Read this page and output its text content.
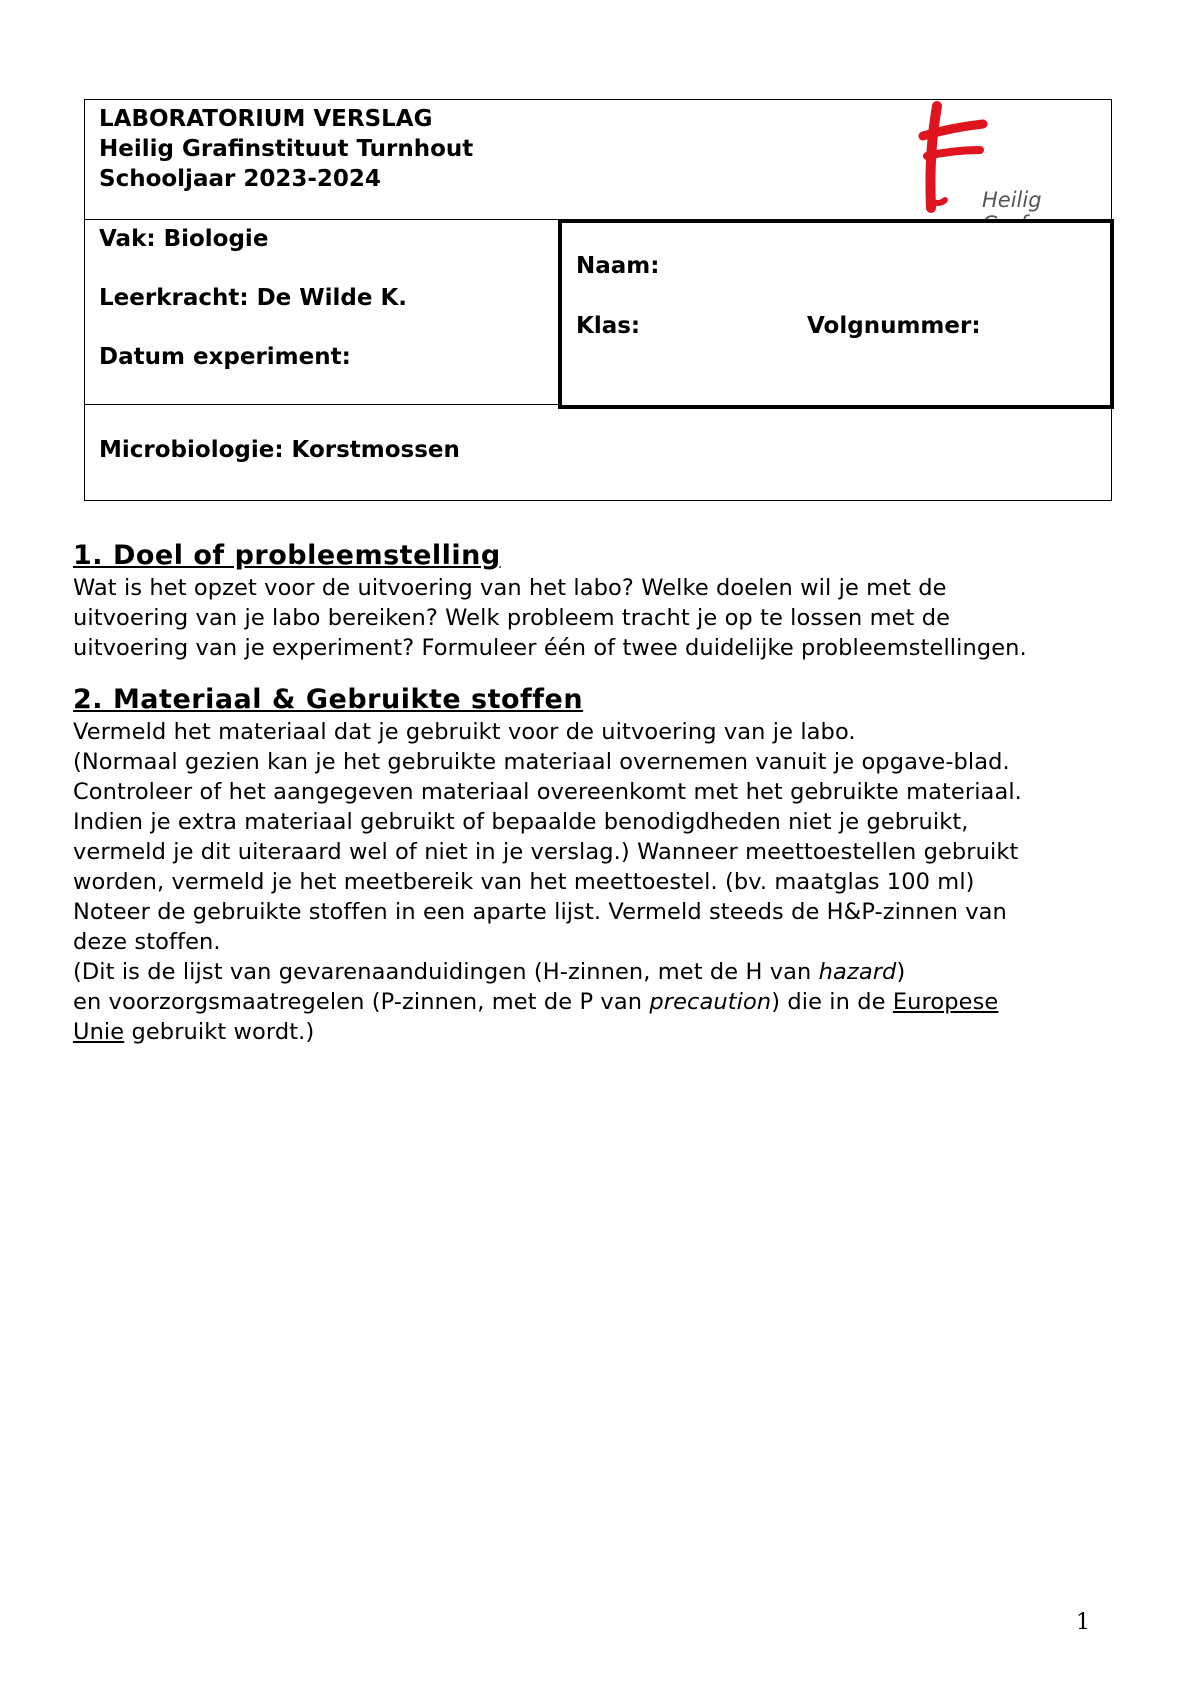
LABORATORIUM VERSLAG
Heilig Grafinstituut Turnhout
Schooljaar 2023-2024
Heilig
Vak: Biologie
Leerkracht: De Wilde K.
Datum experiment:
Naam:
Klas:	Volgnummer:
Microbiologie: Korstmossen
1. Doel of probleemstelling

Wat is het opzet voor de uitvoering van het labo? Welke doelen wil je met de

uitvoering van je labo bereiken? Welk probleem tracht je op te lossen met de

uitvoering van je experiment? Formuleer één of twee duidelijke probleemstellingen.

2. Materiaal & Gebruikte stoffen

Vermeld het materiaal dat je gebruikt voor de uitvoering van je labo.

(Normaal gezien kan je het gebruikte materiaal overnemen vanuit je opgave-blad.

Controleer of het aangegeven materiaal overeenkomt met het gebruikte materiaal.

Indien je extra materiaal gebruikt of bepaalde benodigdheden niet je gebruikt,

vermeld je dit uiteraard wel of niet in je verslag.) Wanneer meettoestellen gebruikt

worden, vermeld je het meetbereik van het meettoestel. (bv. maatglas 100 ml)

Noteer de gebruikte stoffen in een aparte lijst. Vermeld steeds de H&P-zinnen van

deze stoffen.

(Dit is de lijst van gevarenaanduidingen (H-zinnen, met de H van hazard)

en voorzorgsmaatregelen (P-zinnen, met de P van precaution) die in de Europese

Unie gebruikt wordt.)

1
